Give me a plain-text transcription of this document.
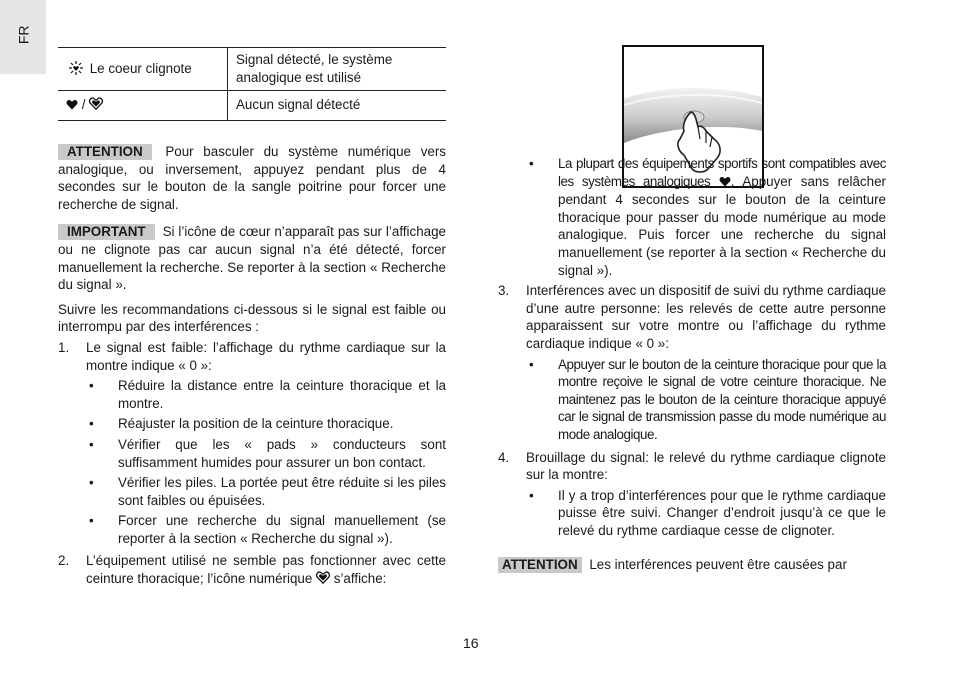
FR
Le coeur clignote	Signal détecté, le système analogique est utilisé
/	Aucun signal détecté

ATTENTION Pour basculer du système numérique vers analogique, ou inversement, appuyez pendant plus de 4 secondes sur le bouton de la sangle poitrine pour forcer une recherche de signal.

IMPORTANT Si l’icône de cœur n’apparaît pas sur l’affichage ou ne clignote pas car aucun signal n’a été détecté, forcer manuellement la recherche. Se reporter à la section « Recherche du signal ».

Suivre les recommandations ci-dessous si le signal est faible ou interrompu par des interférences :

1. Le signal est faible: l’affichage du rythme cardiaque sur la montre indique « 0 »:
• Réduire la distance entre la ceinture thoracique et la montre.
• Réajuster la position de la ceinture thoracique.
• Vérifier que les « pads » conducteurs sont suffisamment humides pour assurer un bon contact.
• Vérifier les piles. La portée peut être réduite si les piles sont faibles ou épuisées.
• Forcer une recherche du signal manuellement (se reporter à la section « Recherche du signal »).
2. L’équipement utilisé ne semble pas fonctionner avec cette ceinture thoracique; l’icône numérique s’affiche:
• La plupart des équipements sportifs sont compatibles avec les systèmes analogiques . Appuyer sans relâcher pendant 4 secondes sur le bouton de la ceinture thoracique pour passer du mode numérique au mode analogique. Puis forcer une recherche du signal manuellement (se reporter à la section « Recherche du signal »).
3. Interférences avec un dispositif de suivi du rythme cardiaque d’une autre personne: les relevés de cette autre personne apparaissent sur votre montre ou l’affichage du rythme cardiaque indique « 0 »:
• Appuyer sur le bouton de la ceinture thoracique pour que la montre reçoive le signal de votre ceinture thoracique. Ne maintenez pas le bouton de la ceinture thoracique appuyé car le signal de transmission passe du mode numérique au mode analogique.
4. Brouillage du signal: le relevé du rythme cardiaque clignote sur la montre:
• Il y a trop d’interférences pour que le rythme cardiaque puisse être suivi. Changer d’endroit jusqu’à ce que le relevé du rythme cardiaque cesse de clignoter.

ATTENTION Les interférences peuvent être causées par

16
